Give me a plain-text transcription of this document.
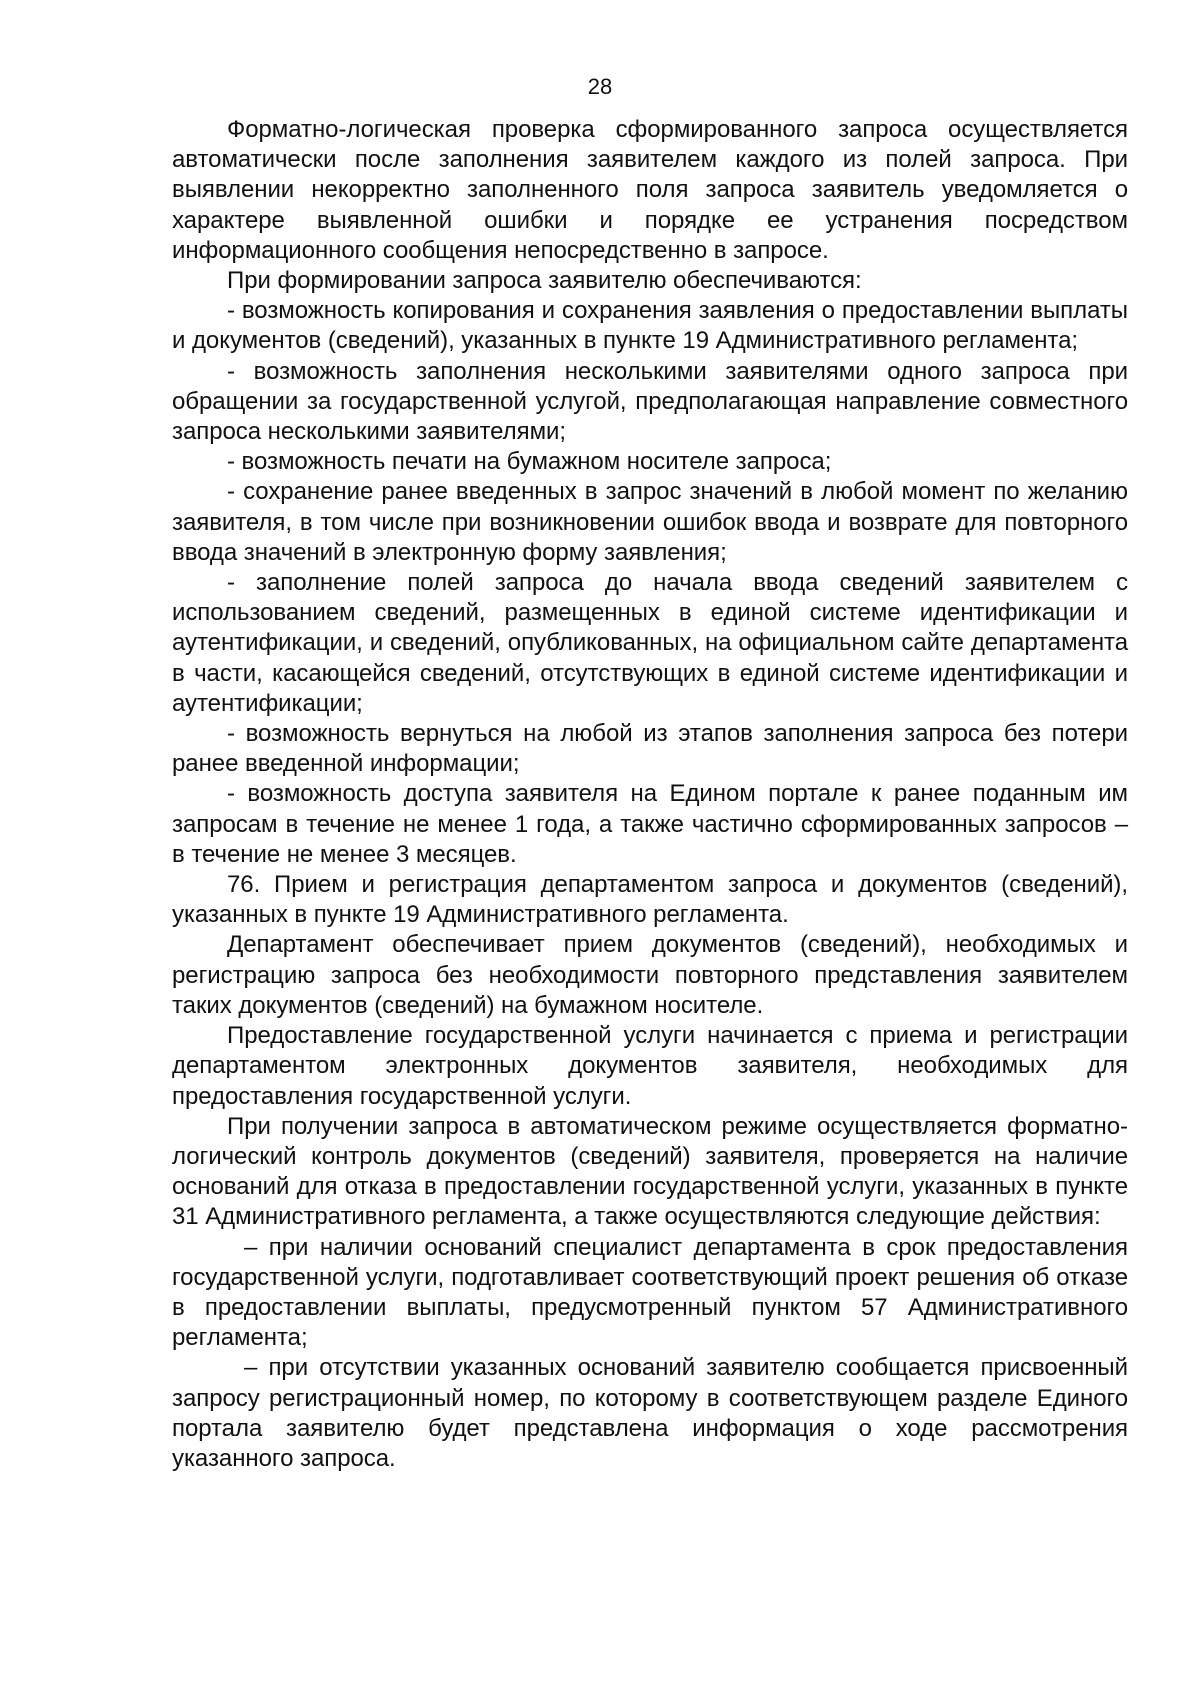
28

Форматно-логическая проверка сформированного запроса осуществляется автоматически после заполнения заявителем каждого из полей запроса. При выявлении некорректно заполненного поля запроса заявитель уведомляется о характере выявленной ошибки и порядке ее устранения посредством информационного сообщения непосредственно в запросе.

При формировании запроса заявителю обеспечиваются:

- возможность копирования и сохранения заявления о предоставлении выплаты и документов (сведений), указанных в пункте 19 Административного регламента;

- возможность заполнения несколькими заявителями одного запроса при обращении за государственной услугой, предполагающая направление совместного запроса несколькими заявителями;

- возможность печати на бумажном носителе запроса;

- сохранение ранее введенных в запрос значений в любой момент по желанию заявителя, в том числе при возникновении ошибок ввода и возврате для повторного ввода значений в электронную форму заявления;

- заполнение полей запроса до начала ввода сведений заявителем с использованием сведений, размещенных в единой системе идентификации и аутентификации, и сведений, опубликованных, на официальном сайте департамента в части, касающейся сведений, отсутствующих в единой системе идентификации и аутентификации;

- возможность вернуться на любой из этапов заполнения запроса без потери ранее введенной информации;

- возможность доступа заявителя на Едином портале к ранее поданным им запросам в течение не менее 1 года, а также частично сформированных запросов – в течение не менее 3 месяцев.

76. Прием и регистрация департаментом запроса и документов (сведений), указанных в пункте 19 Административного регламента.

Департамент обеспечивает прием документов (сведений), необходимых и регистрацию запроса без необходимости повторного представления заявителем таких документов (сведений) на бумажном носителе.

Предоставление государственной услуги начинается с приема и регистрации департаментом электронных документов заявителя, необходимых для предоставления государственной услуги.

При получении запроса в автоматическом режиме осуществляется форматно-логический контроль документов (сведений) заявителя, проверяется на наличие оснований для отказа в предоставлении государственной услуги, указанных в пункте 31 Административного регламента, а также осуществляются следующие действия:

– при наличии оснований специалист департамента в срок предоставления государственной услуги, подготавливает соответствующий проект решения об отказе в предоставлении выплаты, предусмотренный пунктом 57 Административного регламента;

– при отсутствии указанных оснований заявителю сообщается присвоенный запросу регистрационный номер, по которому в соответствующем разделе Единого портала заявителю будет представлена информация о ходе рассмотрения указанного запроса.
